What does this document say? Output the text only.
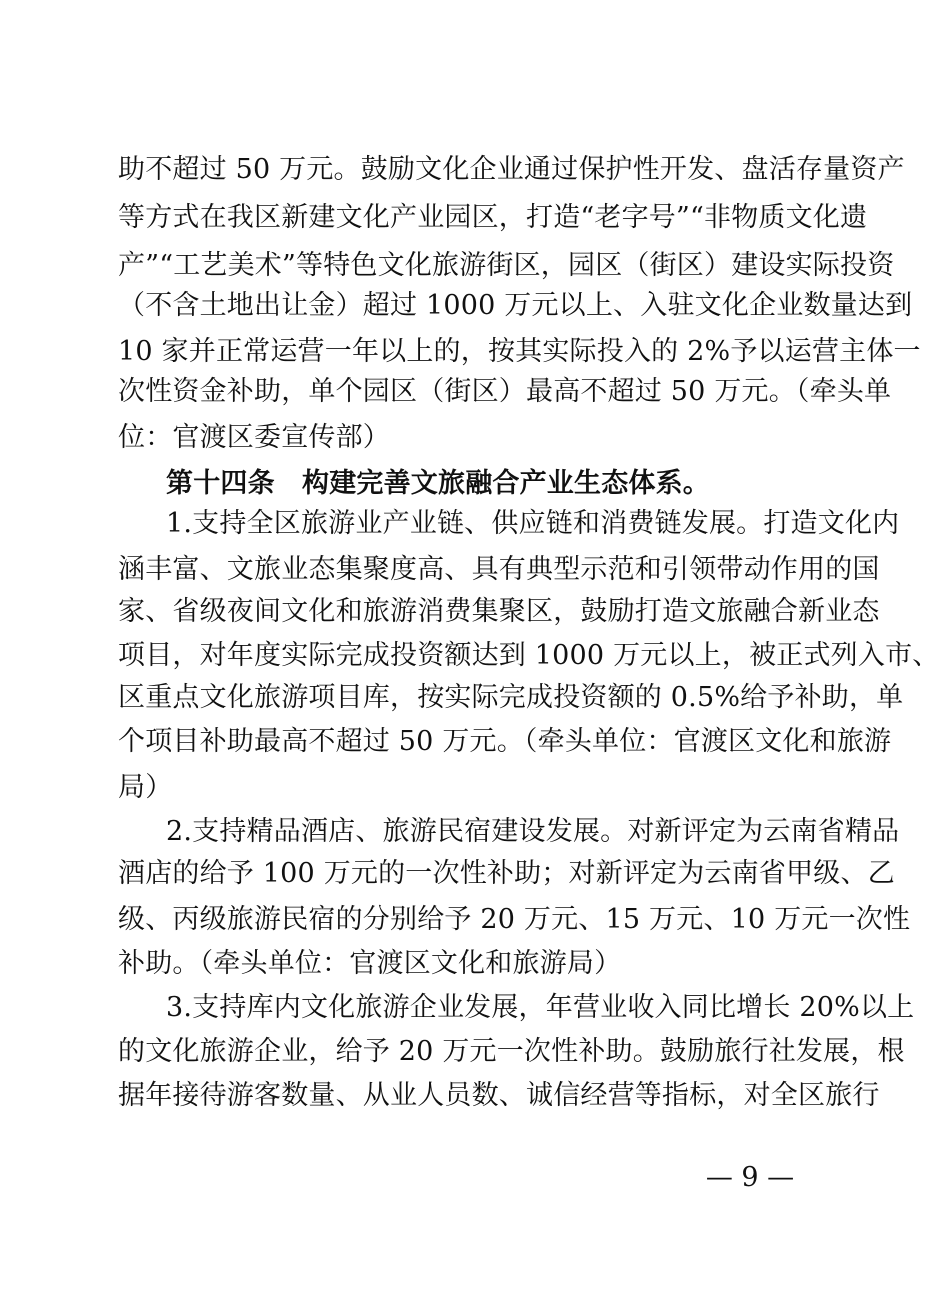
助不超过 50 万元。鼓励文化企业通过保护性开发、盘活存量资产
等方式在我区新建文化产业园区，打造“老字号”“非物质文化遗
产”“工艺美术”等特色文化旅游街区，园区（街区）建设实际投资
（不含土地出让金）超过 1000 万元以上、入驻文化企业数量达到
10 家并正常运营一年以上的，按其实际投入的 2%予以运营主体一
次性资金补助，单个园区（街区）最高不超过 50 万元。（牵头单
位：官渡区委宣传部）
第十四条　构建完善文旅融合产业生态体系。
1.支持全区旅游业产业链、供应链和消费链发展。打造文化内
涵丰富、文旅业态集聚度高、具有典型示范和引领带动作用的国
家、省级夜间文化和旅游消费集聚区，鼓励打造文旅融合新业态
项目，对年度实际完成投资额达到 1000 万元以上，被正式列入市、
区重点文化旅游项目库，按实际完成投资额的 0.5%给予补助，单
个项目补助最高不超过 50 万元。（牵头单位：官渡区文化和旅游
局）
2.支持精品酒店、旅游民宿建设发展。对新评定为云南省精品
酒店的给予 100 万元的一次性补助；对新评定为云南省甲级、乙
级、丙级旅游民宿的分别给予 20 万元、15 万元、10 万元一次性
补助。（牵头单位：官渡区文化和旅游局）
3.支持库内文化旅游企业发展，年营业收入同比增长 20%以上
的文化旅游企业，给予 20 万元一次性补助。鼓励旅行社发展，根
据年接待游客数量、从业人员数、诚信经营等指标，对全区旅行
— 9 —
